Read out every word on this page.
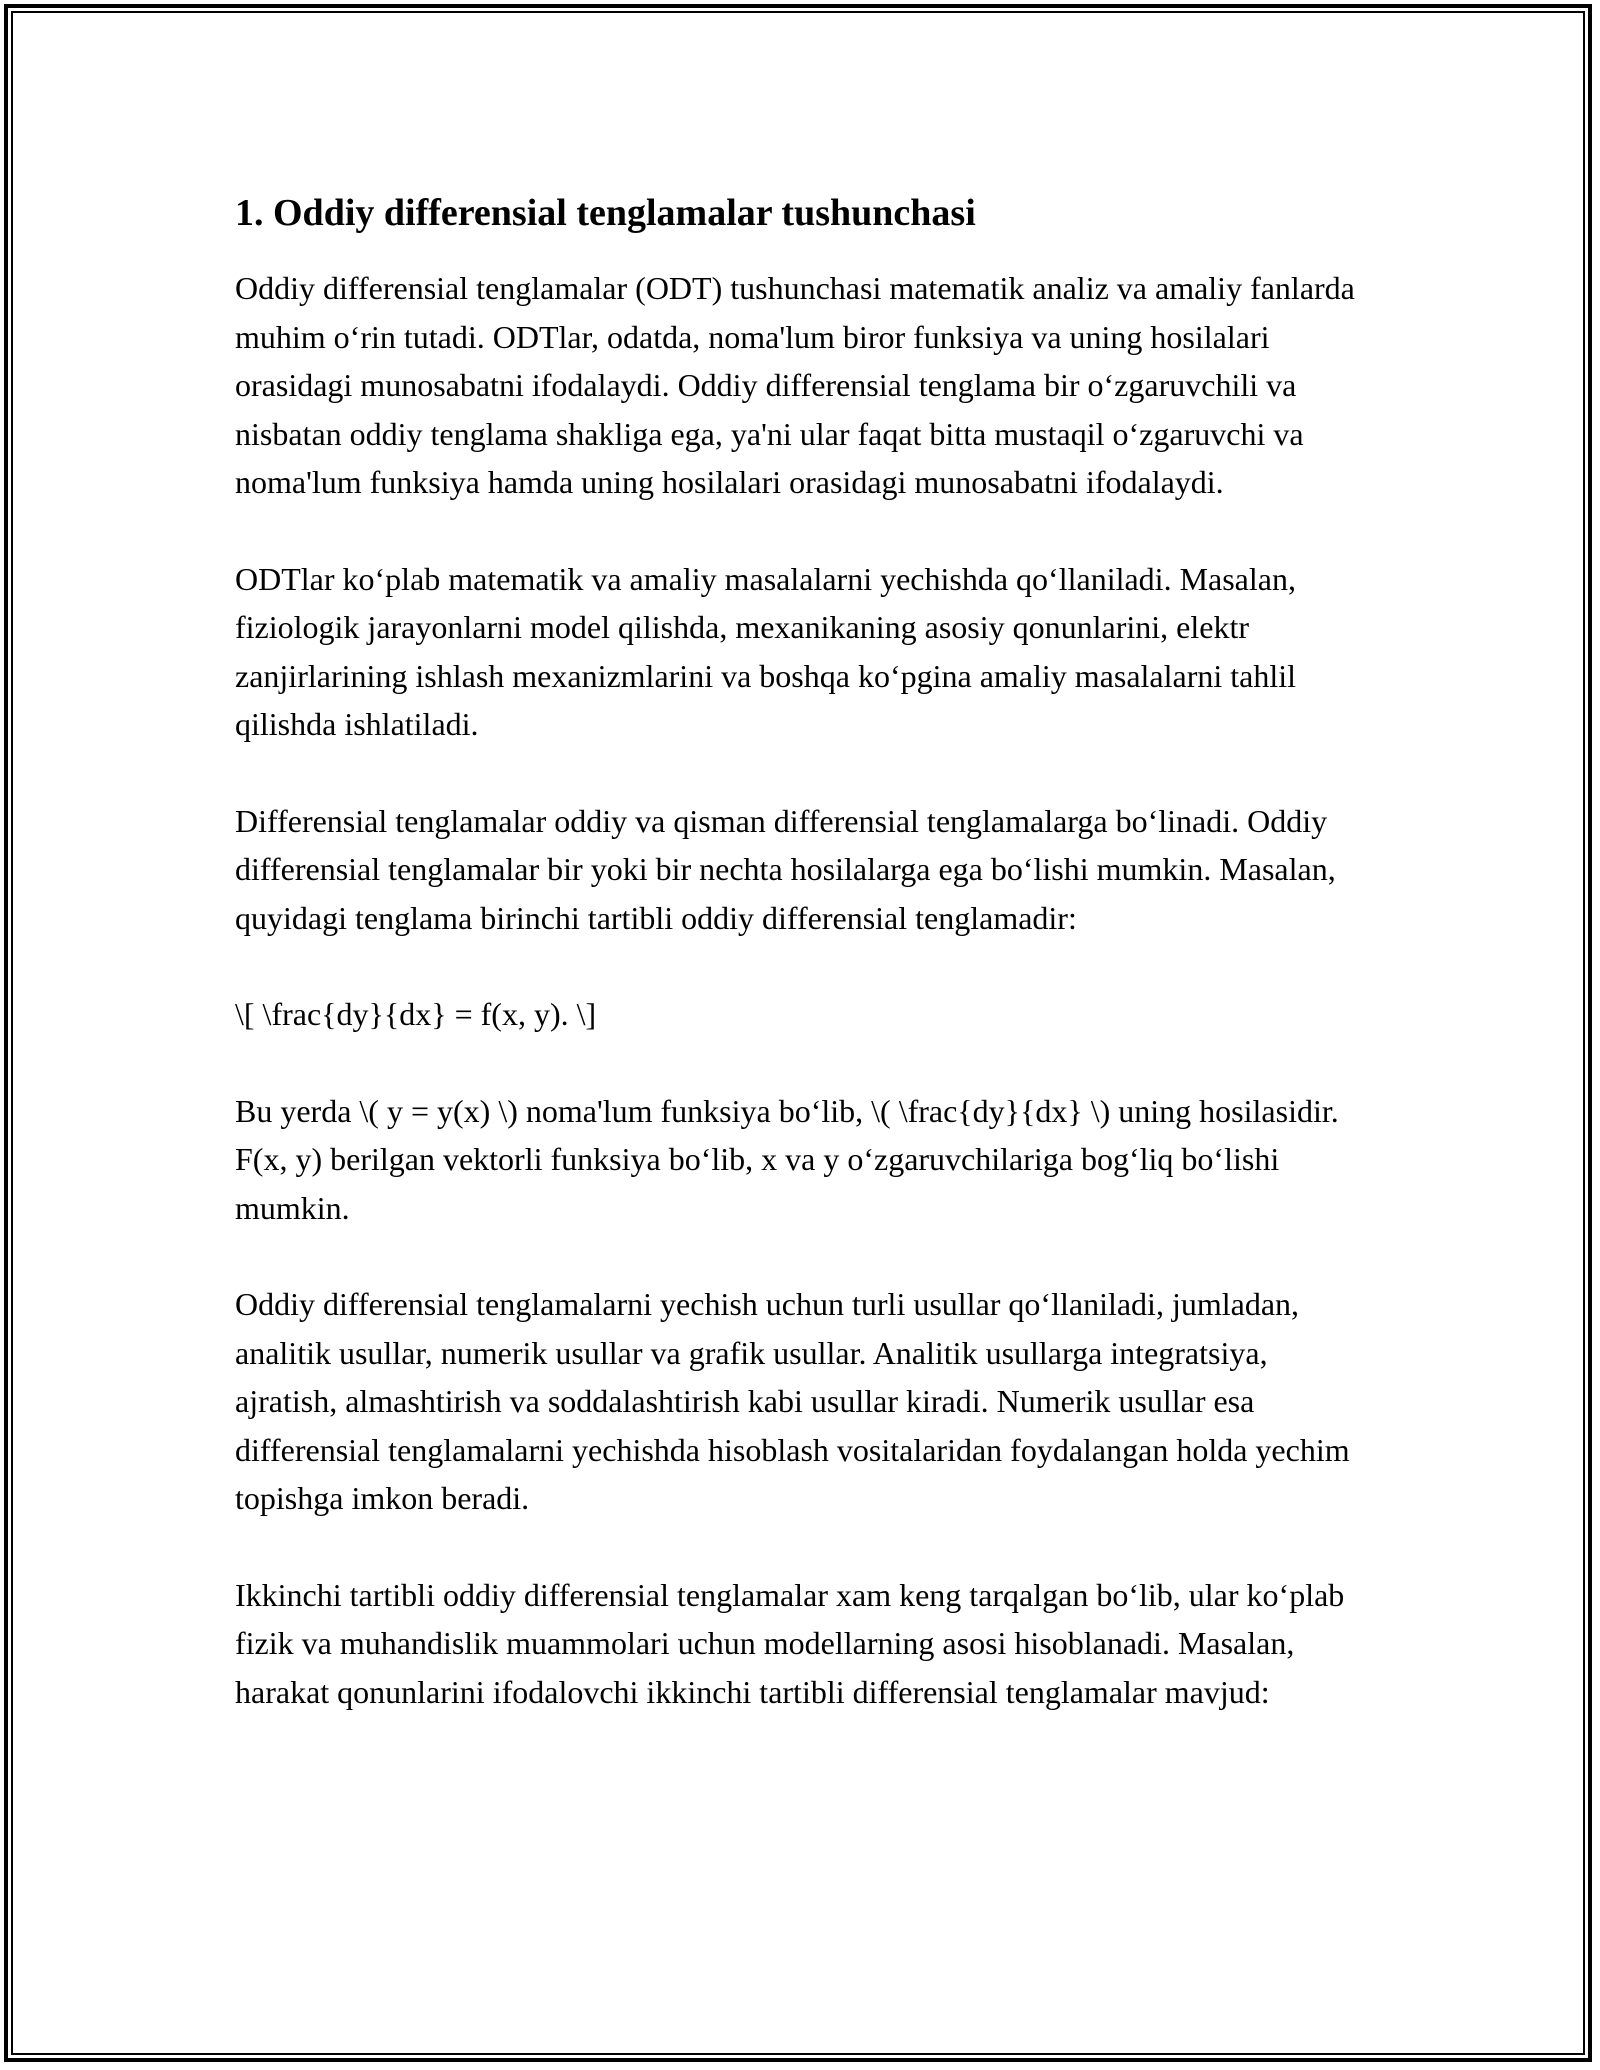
1. Oddiy differensial tenglamalar tushunchasi

Oddiy differensial tenglamalar (ODT) tushunchasi matematik analiz va amaliy fanlarda muhim o‘rin tutadi. ODTlar, odatda, noma'lum biror funksiya va uning hosilalari orasidagi munosabatni ifodalaydi. Oddiy differensial tenglama bir o‘zgaruvchili va nisbatan oddiy tenglama shakliga ega, ya'ni ular faqat bitta mustaqil o‘zgaruvchi va noma'lum funksiya hamda uning hosilalari orasidagi munosabatni ifodalaydi.

ODTlar ko‘plab matematik va amaliy masalalarni yechishda qo‘llaniladi. Masalan, fiziologik jarayonlarni model qilishda, mexanikaning asosiy qonunlarini, elektr zanjirlarining ishlash mexanizmlarini va boshqa ko‘pgina amaliy masalalarni tahlil qilishda ishlatiladi.

Differensial tenglamalar oddiy va qisman differensial tenglamalarga bo‘linadi. Oddiy differensial tenglamalar bir yoki bir nechta hosilalarga ega bo‘lishi mumkin. Masalan, quyidagi tenglama birinchi tartibli oddiy differensial tenglamadir:

\[ \frac{dy}{dx} = f(x, y). \]

Bu yerda \( y = y(x) \) noma'lum funksiya bo‘lib, \( \frac{dy}{dx} \) uning hosilasidir. F(x, y) berilgan vektorli funksiya bo‘lib, x va y o‘zgaruvchilariga bog‘liq bo‘lishi mumkin.

Oddiy differensial tenglamalarni yechish uchun turli usullar qo‘llaniladi, jumladan, analitik usullar, numerik usullar va grafik usullar. Analitik usullarga integratsiya, ajratish, almashtirish va soddalashtirish kabi usullar kiradi. Numerik usullar esa differensial tenglamalarni yechishda hisoblash vositalaridan foydalangan holda yechim topishga imkon beradi.

Ikkinchi tartibli oddiy differensial tenglamalar xam keng tarqalgan bo‘lib, ular ko‘plab fizik va muhandislik muammolari uchun modellarning asosi hisoblanadi. Masalan, harakat qonunlarini ifodalovchi ikkinchi tartibli differensial tenglamalar mavjud:
